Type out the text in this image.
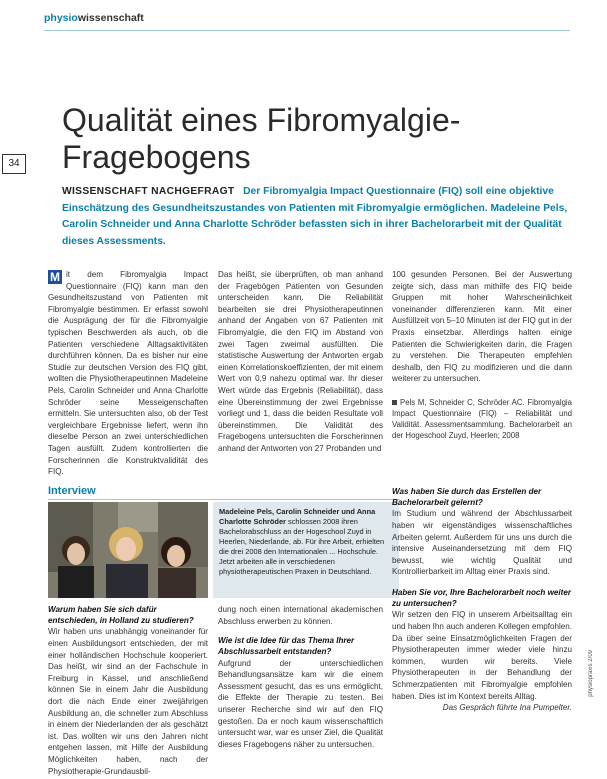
physiowissenschaft
34
Qualität eines Fibromyalgie-
Fragebogens
WISSENSCHAFT NACHGEFRAGT Der Fibromyalgia Impact Questionnaire (FIQ) soll eine objektive Einschätzung des Gesundheitszustandes von Patienten mit Fibromyalgie ermöglichen. Madeleine Pels, Carolin Schneider und Anna Charlotte Schröder befassten sich in ihrer Bachelorarbeit mit der Qualität dieses Assessments.
M it dem Fibromyalgia Impact Questionnaire (FIQ) kann man den Gesundheitszustand von Patienten mit Fibromyalgie bestimmen. Er erfasst sowohl die Ausprägung der für die Fibromyalgie typischen Beschwerden als auch, ob die Patienten verschiedene Alltagsaktivitäten durchführen können. Da es bisher nur eine Studie zur deutschen Version des FIQ gibt, wollten die Physiotherapeutinnen Madeleine Pels, Carolin Schneider und Anna Charlotte Schröder seine Messeigenschaften ermitteln. Sie untersuchten also, ob der Test vergleichbare Ergebnisse liefert, wenn ihn dieselbe Person an zwei unterschiedlichen Tagen ausfüllt. Zudem kontrollierten die Forscherinnen die Konstruktvalidität des FIQ.
Das heißt, sie überprüften, ob man anhand der Fragebögen Patienten von Gesunden unterscheiden kann. Die Reliabilität bearbeiten sie drei Physiotherapeutinnen anhand der Angaben von 67 Patienten mit Fibromyalgie, die den FIQ im Abstand von zwei Tagen zweimal ausfüllten. Die statistische Auswertung der Antworten ergab einen Korrelationskoeffizienten, der mit einem Wert von 0,9 nahezu optimal war. Ihr dieser Wert würde das Ergebnis (Reliabilität), dass eine Übereinstimmung der zwei Ergebnisse vorliegt und 1, dass die beiden Resultate voll übereinstimmen. Die Validität des Fragebogens untersuchten die Forscherinnen anhand der Antworten von 27 Probanden und
100 gesunden Personen. Bei der Auswertung zeigte sich, dass man mithilfe des FIQ beide Gruppen mit hoher Wahrscheinlichkeit voneinander differenzieren kann. Mit einer Ausfüllzeit von 5–10 Minuten ist der FIQ gut in der Praxis einsetzbar. Allerdings halten einige Patienten die Schwierigkeiten darin, die Fragen zu verstehen. Die Therapeuten empfehlen deshalb, den FIQ zu modifizieren und die dann weiterer zu untersuchen.
Pels M, Schneider C, Schröder AC. Fibromyalgia Impact Questionnaire (FIQ) – Reliabilität und Validität. Assessmentsammlung. Bachelorarbeit an der Hogeschool Zuyd, Heerlen; 2008
Interview
Madeleine Pels, Carolin Schneider und Anna Charlotte Schröder schlossen 2008 ihren Bachelorabschluss an der Hogeschool Zuyd in Heerlen, Niederlande, ab. Für ihre Arbeit, erhielten die drei 2008 den Internationalen ... Hochschule. Jetzt arbeiten alle in verschiedenen physiotherapeutischen Praxen in Deutschland.
Warum haben Sie sich dafür entschieden, in Holland zu studieren?
Wir haben uns unabhängig voneinander für einen Ausbildungsort entschieden, der mit einer holländischen Hochschule kooperiert. Das heißt, wir sind an der Fachschule in Freiburg in Kassel, und anschließend können Sie in einem Jahr die Ausbildung dort die nach Ende einer zweijährigen Ausbildung an, die schneller zum Abschluss in einem der Niederlanden der als geschätzt ist. Das wollten wir uns den Jahren nicht entgehen lassen, mit Hilfe der Ausbildung Möglichkeiten haben, nach der Physiotherapie-Grundausbil-
dung noch einen international akademischen Abschluss erwerben zu können.
Wie ist die Idee für das Thema Ihrer Abschlussarbeit entstanden?
Aufgrund der unterschiedlichen Behandlungsansätze kam wir die einem Assessment gesucht, das es uns ermöglicht, die Effekte der Therapie zu testen. Bei unserer Recherche sind wir auf den FIQ gestoßen. Da er noch kaum wissenschaftlich untersucht war, war es unser Ziel, die Qualität dieses Fragebogens näher zu untersuchen.
Was haben Sie durch das Erstellen der Bachelorarbeit gelernt?
Im Studium und während der Abschlussarbeit haben wir eigenständiges wissenschaftliches Arbeiten gelernt. Außerdem für uns uns durch die intensive Auseinandersetzung mit dem FIQ bewusst, wie wichtig Qualität und Kontrollierbarkeit im Alltag einer Praxis sind.
Haben Sie vor, Ihre Bachelorarbeit noch weiter zu untersuchen?
Wir setzen den FIQ in unserem Arbeitsalltag ein und haben Ihn auch anderen Kollegen empfohlen. Da über seine Einsatzmöglichkeiten Fragen der Physiotherapeuten immer wieder viele hinzu kommen, wurden wir bereits. Viele Physiotherapeuten in der Behandlung der Schmerzpatienten mit Fibromyalgie empfohlen haben. Dies ist im Kontext bereits Alltag.
Das Gespräch führte Ina Pumpelter.
physiopraxis 2/09
